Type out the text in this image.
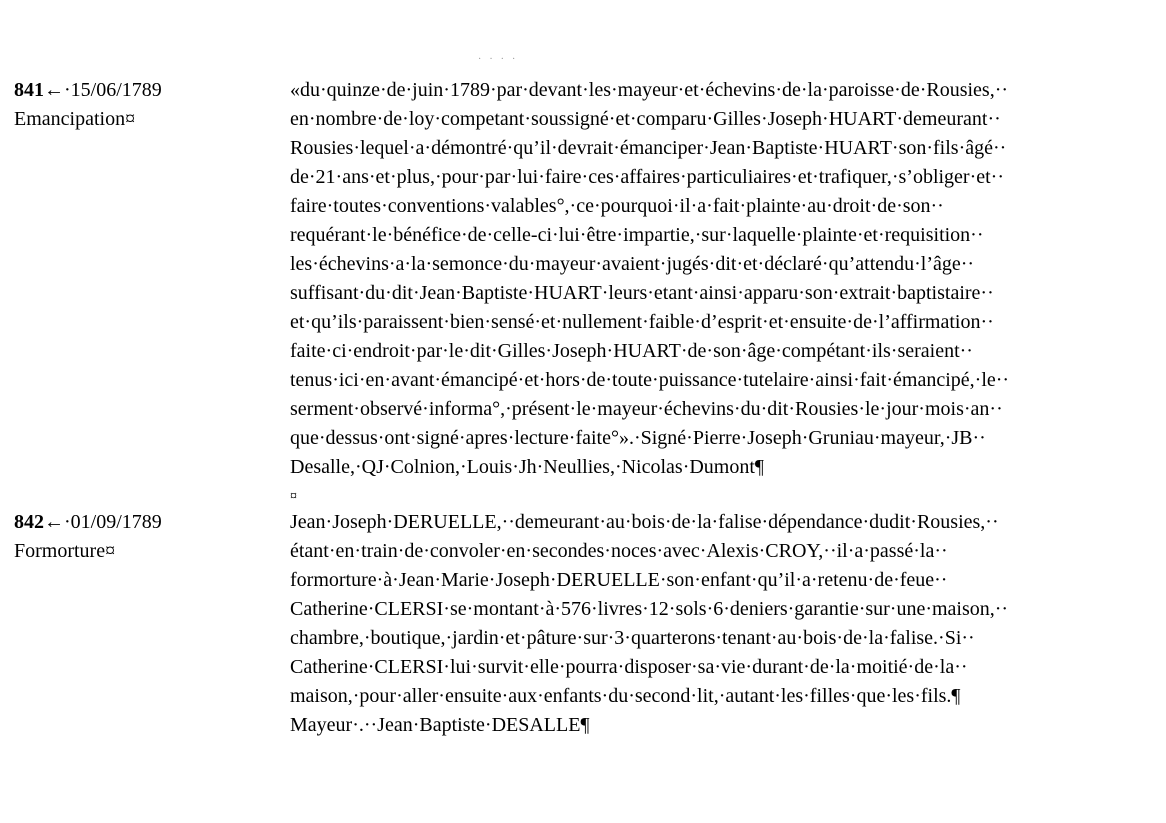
····
841←·15/06/1789
Emancipation¤
«du·quinze·de·juin·1789·par·devant·les·mayeur·et·échevins·de·la·paroisse·de·Rousies,··
en·nombre·de·loy·competant·soussigné·et·comparu·Gilles·Joseph·HUART·demeurant··
Rousies·lequel·a·démontré·qu’il·devrait·émanciper·Jean·Baptiste·HUART·son·fils·âgé··
de·21·ans·et·plus,·pour·par·lui·faire·ces·affaires·particuliaires·et·trafiquer,·s’obliger·et··
faire·toutes·conventions·valables°,·ce·pourquoi·il·a·fait·plainte·au·droit·de·son··
requérant·le·bénéfice·de·celle-ci·lui·être·impartie,·sur·laquelle·plainte·et·requisition··
les·échevins·a·la·semonce·du·mayeur·avaient·jugés·dit·et·déclaré·qu’attendu·l’âge··
suffisant·du·dit·Jean·Baptiste·HUART·leurs·etant·ainsi·apparu·son·extrait·baptistaire··
et·qu’ils·paraissent·bien·sensé·et·nullement·faible·d’esprit·et·ensuite·de·l’affirmation··
faite·ci·endroit·par·le·dit·Gilles·Joseph·HUART·de·son·âge·compétant·ils·seraient··
tenus·ici·en·avant·émancipé·et·hors·de·toute·puissance·tutelaire·ainsi·fait·émancipé,·le··
serment·observé·informa°,·présent·le·mayeur·échevins·du·dit·Rousies·le·jour·mois·an··
que·dessus·ont·signé·apres·lecture·faite°».·Signé·Pierre·Joseph·Gruniau·mayeur,·JB··
Desalle,·QJ·Colnion,·Louis·Jh·Neullies,·Nicolas·Dumont¶
¤
842←·01/09/1789
Formorture¤
Jean·Joseph·DERUELLE,··demeurant·au·bois·de·la·falise·dépendance·dudit·Rousies,··
étant·en·train·de·convoler·en·secondes·noces·avec·Alexis·CROY,··il·a·passé·la··
formorture·à·Jean·Marie·Joseph·DERUELLE·son·enfant·qu’il·a·retenu·de·feue··
Catherine·CLERSI·se·montant·à·576·livres·12·sols·6·deniers·garantie·sur·une·maison,··
chambre,·boutique,·jardin·et·pâture·sur·3·quarterons·tenant·au·bois·de·la·falise.·Si··
Catherine·CLERSI·lui·survit·elle·pourra·disposer·sa·vie·durant·de·la·moitié·de·la··
maison,·pour·aller·ensuite·aux·enfants·du·second·lit,·autant·les·filles·que·les·fils.¶
Mayeur·.··Jean·Baptiste·DESALLE¶
